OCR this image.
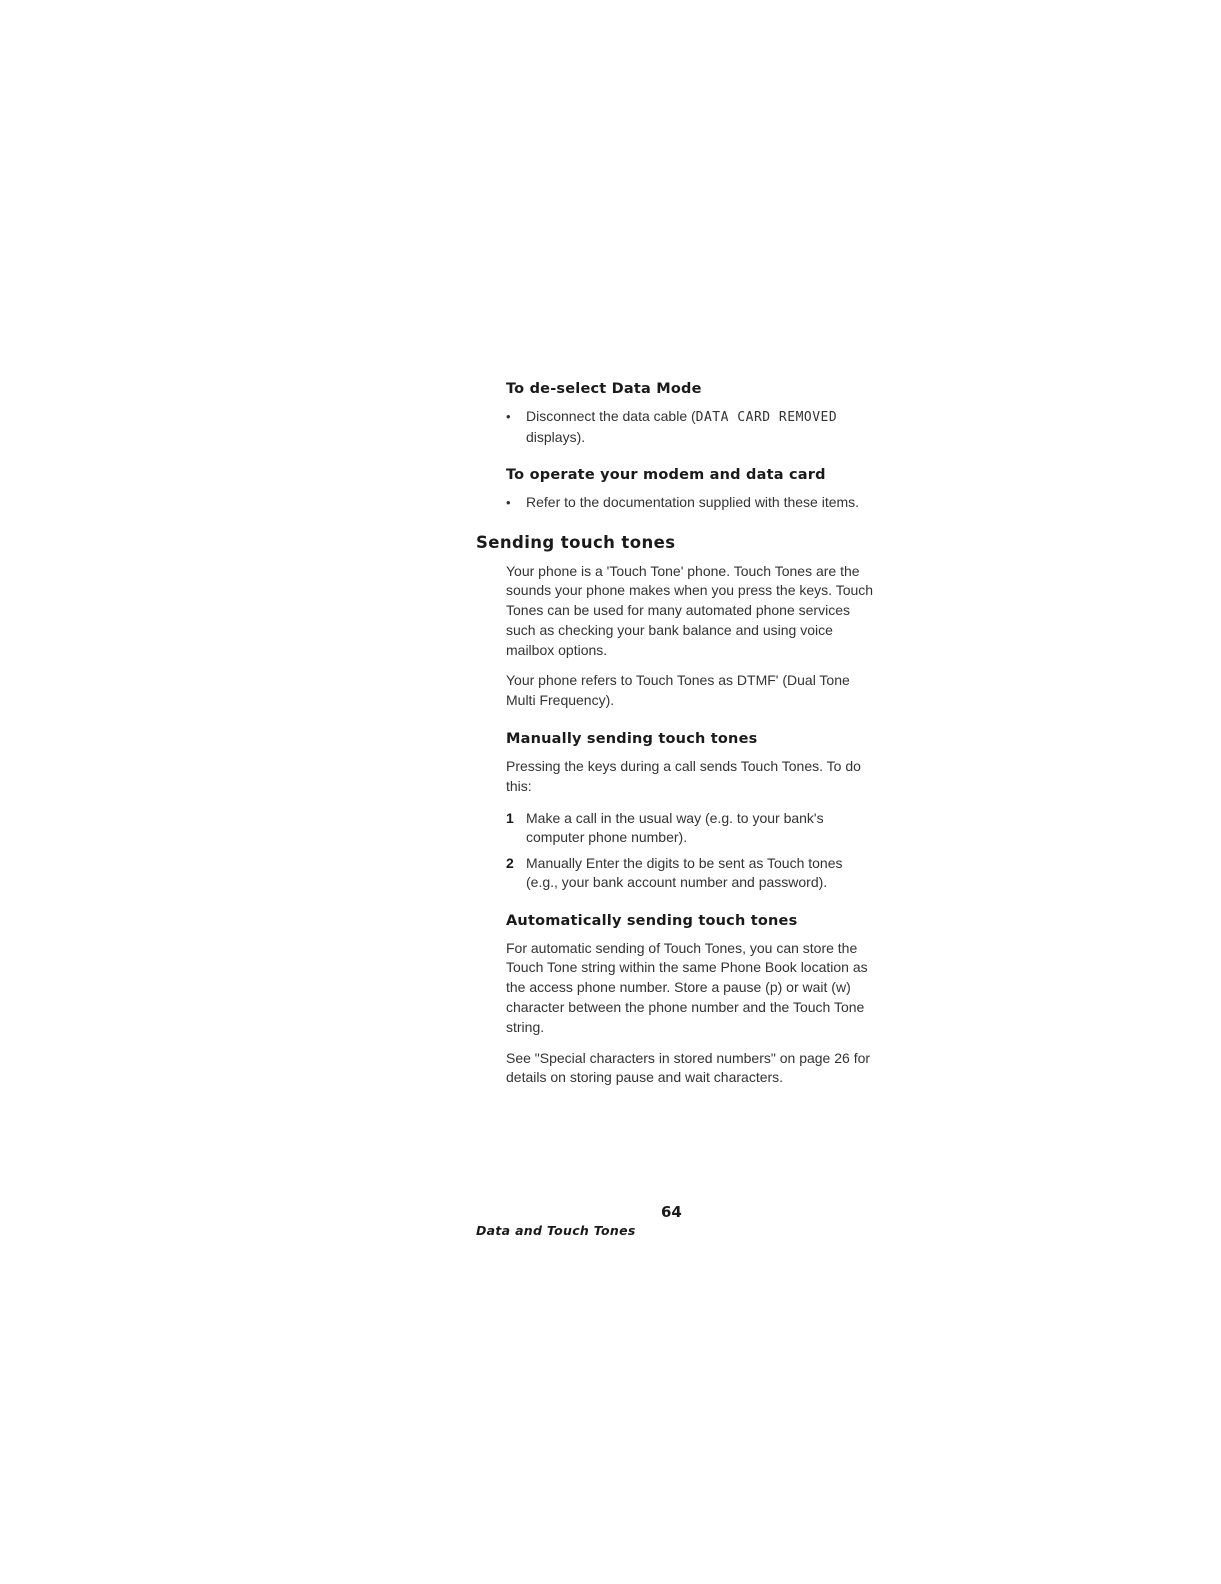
To de-select Data Mode
• Disconnect the data cable (DATA CARD REMOVED displays).
To operate your modem and data card
• Refer to the documentation supplied with these items.
Sending touch tones

Your phone is a 'Touch Tone' phone. Touch Tones are the sounds your phone makes when you press the keys. Touch Tones can be used for many automated phone services such as checking your bank balance and using voice mailbox options.

Your phone refers to Touch Tones as DTMF' (Dual Tone Multi Frequency).

Manually sending touch tones

Pressing the keys during a call sends Touch Tones. To do this:

1 Make a call in the usual way (e.g. to your bank's computer phone number).
2 Manually Enter the digits to be sent as Touch tones
(e.g., your bank account number and password).
Automatically sending touch tones

For automatic sending of Touch Tones, you can store the Touch Tone string within the same Phone Book location as the access phone number. Store a pause (p) or wait (w) character between the phone number and the Touch Tone string.

See "Special characters in stored numbers" on page 26 for details on storing pause and wait characters.

64
Data and Touch Tones
